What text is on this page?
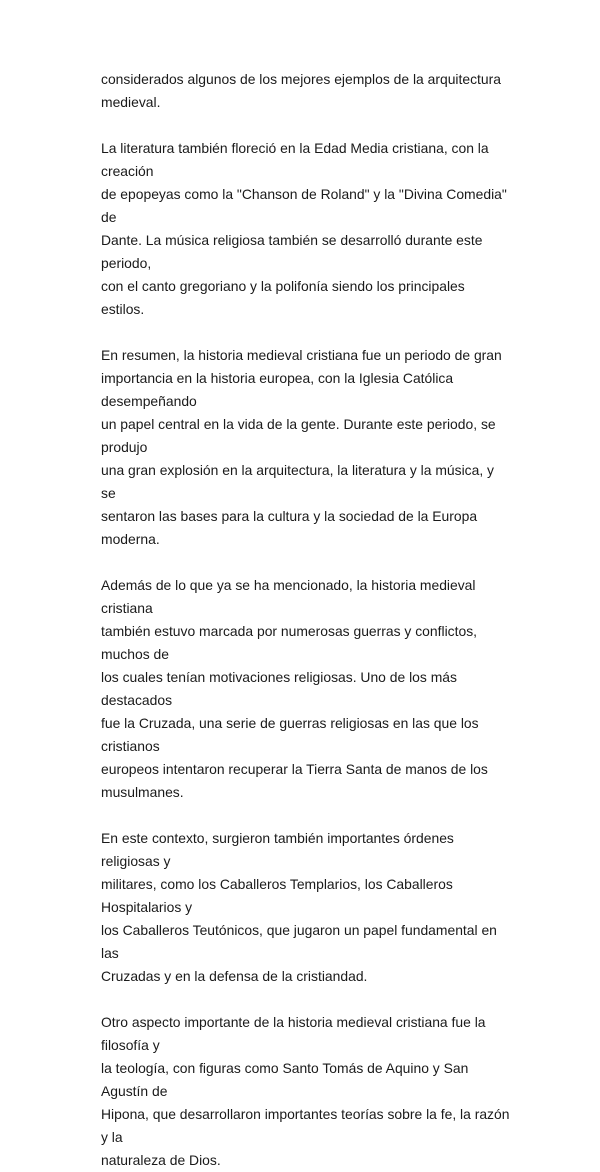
considerados algunos de los mejores ejemplos de la arquitectura
medieval.

La literatura también floreció en la Edad Media cristiana, con la creación
de epopeyas como la "Chanson de Roland" y la "Divina Comedia" de
Dante. La música religiosa también se desarrolló durante este periodo,
con el canto gregoriano y la polifonía siendo los principales estilos.

En resumen, la historia medieval cristiana fue un periodo de gran
importancia en la historia europea, con la Iglesia Católica desempeñando
un papel central en la vida de la gente. Durante este periodo, se produjo
una gran explosión en la arquitectura, la literatura y la música, y se
sentaron las bases para la cultura y la sociedad de la Europa moderna.

Además de lo que ya se ha mencionado, la historia medieval cristiana
también estuvo marcada por numerosas guerras y conflictos, muchos de
los cuales tenían motivaciones religiosas. Uno de los más destacados
fue la Cruzada, una serie de guerras religiosas en las que los cristianos
europeos intentaron recuperar la Tierra Santa de manos de los
musulmanes.

En este contexto, surgieron también importantes órdenes religiosas y
militares, como los Caballeros Templarios, los Caballeros Hospitalarios y
los Caballeros Teutónicos, que jugaron un papel fundamental en las
Cruzadas y en la defensa de la cristiandad.

Otro aspecto importante de la historia medieval cristiana fue la filosofía y
la teología, con figuras como Santo Tomás de Aquino y San Agustín de
Hipona, que desarrollaron importantes teorías sobre la fe, la razón y la
naturaleza de Dios.
